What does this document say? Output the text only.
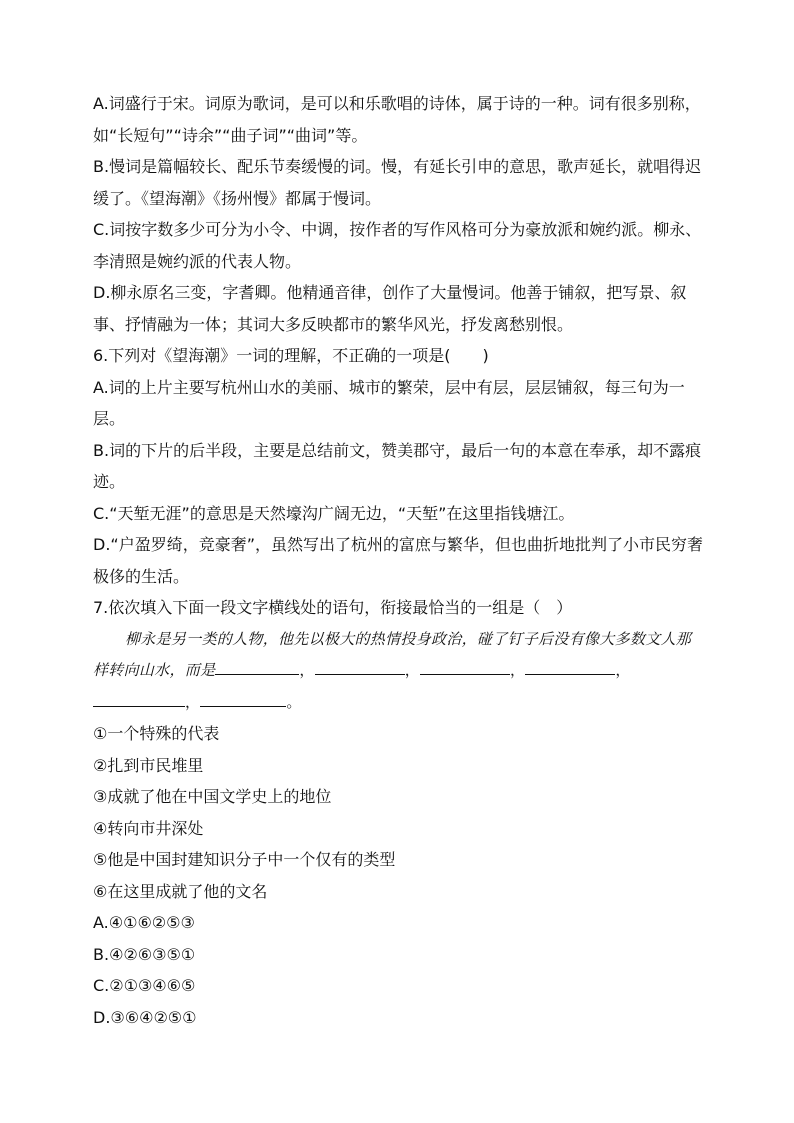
A.词盛行于宋。词原为歌词，是可以和乐歌唱的诗体，属于诗的一种。词有很多别称，如“长短句”“诗余”“曲子词”“曲词”等。

B.慢词是篇幅较长、配乐节奏缓慢的词。慢，有延长引申的意思，歌声延长，就唱得迟缓了。《望海潮》《扬州慢》都属于慢词。

C.词按字数多少可分为小令、中调，按作者的写作风格可分为豪放派和婉约派。柳永、李清照是婉约派的代表人物。

D.柳永原名三变，字耆卿。他精通音律，创作了大量慢词。他善于铺叙，把写景、叙事、抒情融为一体；其词大多反映都市的繁华风光，抒发离愁别恨。

6.下列对《望海潮》一词的理解，不正确的一项是(　　)

A.词的上片主要写杭州山水的美丽、城市的繁荣，层中有层，层层铺叙，每三句为一层。

B.词的下片的后半段，主要是总结前文，赞美郡守，最后一句的本意在奉承，却不露痕迹。

C.“天堑无涯”的意思是天然壕沟广阔无边，“天堑”在这里指钱塘江。

D.“户盈罗绮，竞豪奢”，虽然写出了杭州的富庶与繁华，但也曲折地批判了小市民穷奢极侈的生活。

7.依次填入下面一段文字横线处的语句，衔接最恰当的一组是（　）

柳永是另一类的人物，他先以极大的热情投身政治，碰了钉子后没有像大多数文人那样转向山水，而是	，	，	，	，，	。

①一个特殊的代表

②扎到市民堆里

③成就了他在中国文学史上的地位

④转向市井深处

⑤他是中国封建知识分子中一个仅有的类型

⑥在这里成就了他的文名

A.④①⑥②⑤③

B.④②⑥③⑤①

C.②①③④⑥⑤

D.③⑥④②⑤①
